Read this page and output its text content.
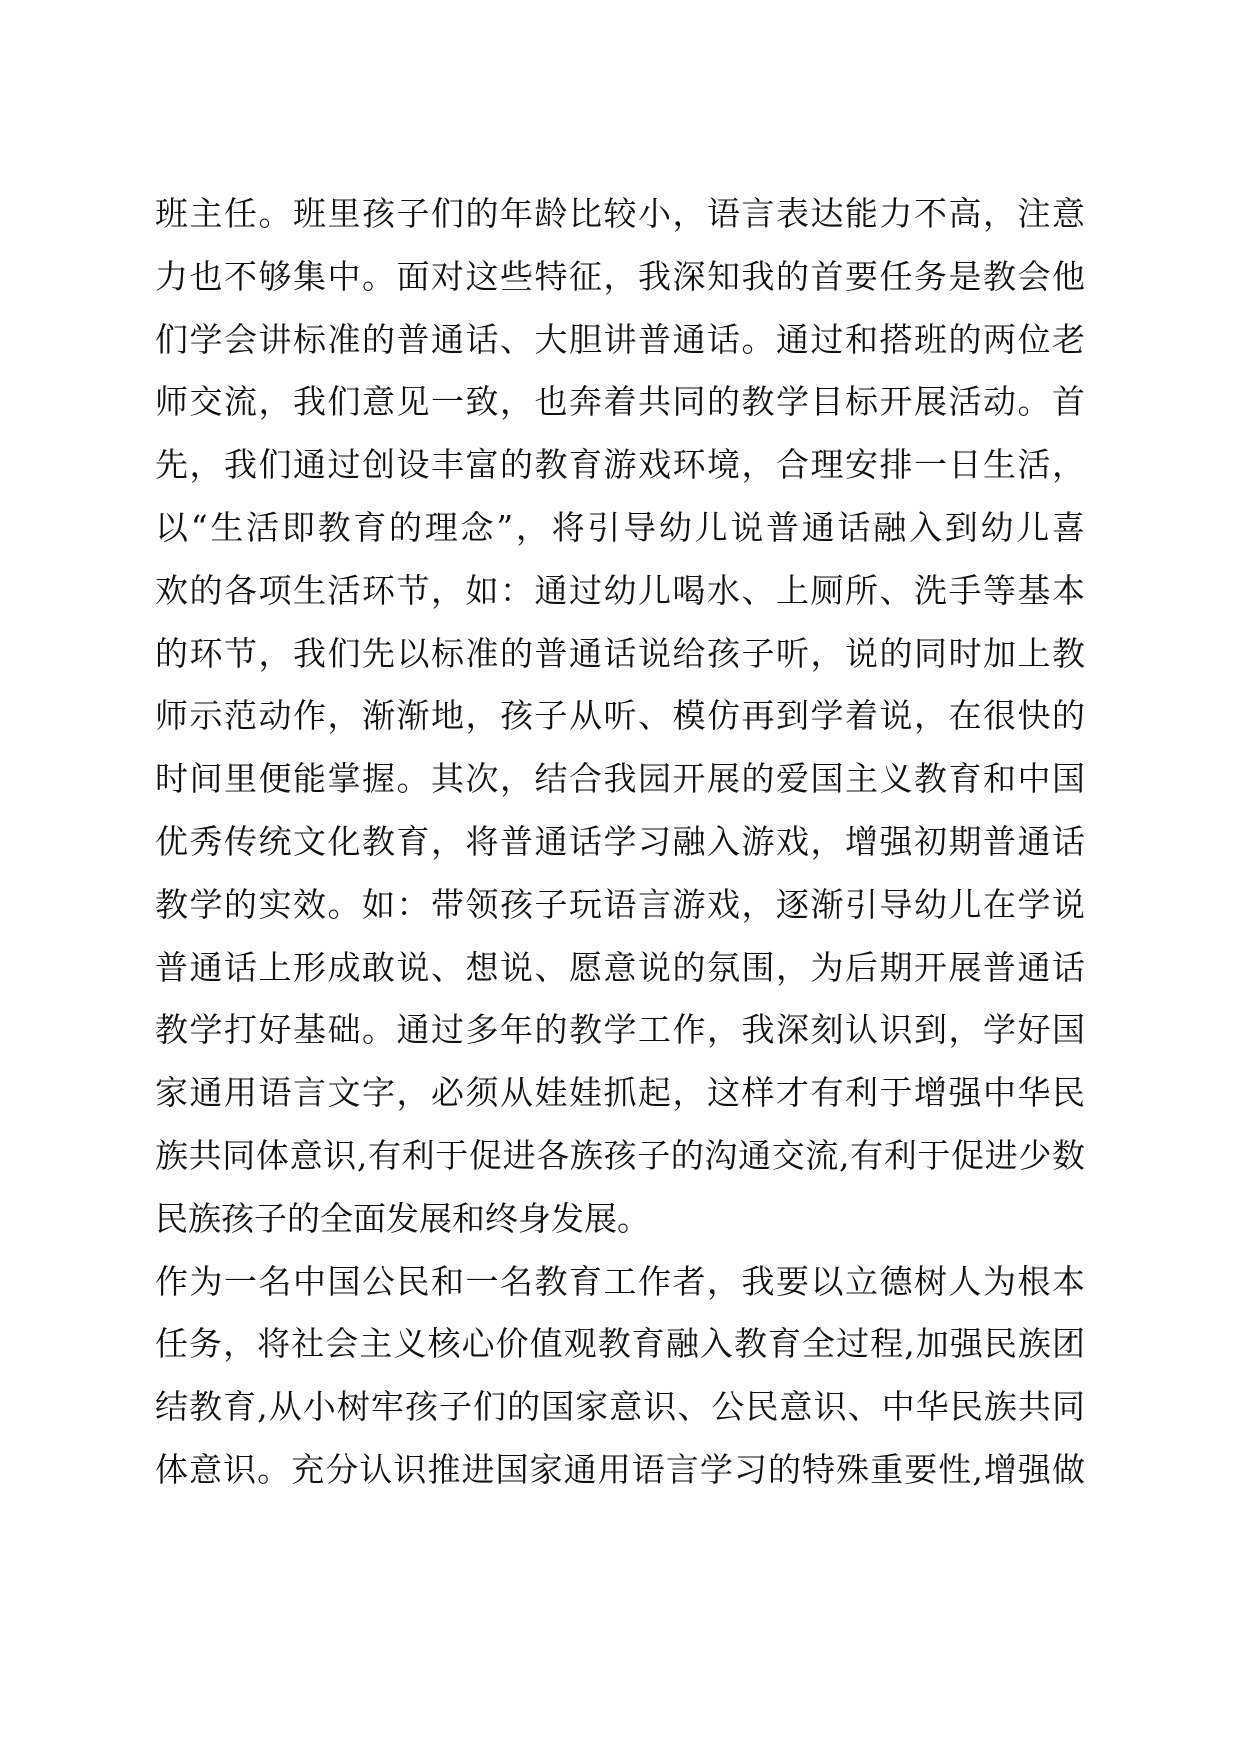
班主任。班里孩子们的年龄比较小，语言表达能力不高，注意
力也不够集中。面对这些特征，我深知我的首要任务是教会他
们学会讲标准的普通话、大胆讲普通话。通过和搭班的两位老
师交流，我们意见一致，也奔着共同的教学目标开展活动。首
先，我们通过创设丰富的教育游戏环境，合理安排一日生活，
以“生活即教育的理念”，将引导幼儿说普通话融入到幼儿喜
欢的各项生活环节，如：通过幼儿喝水、上厕所、洗手等基本
的环节，我们先以标准的普通话说给孩子听，说的同时加上教
师示范动作，渐渐地，孩子从听、模仿再到学着说，在很快的
时间里便能掌握。其次，结合我园开展的爱国主义教育和中国
优秀传统文化教育，将普通话学习融入游戏，增强初期普通话
教学的实效。如：带领孩子玩语言游戏，逐渐引导幼儿在学说
普通话上形成敢说、想说、愿意说的氛围，为后期开展普通话
教学打好基础。通过多年的教学工作，我深刻认识到，学好国
家通用语言文字，必须从娃娃抓起，这样才有利于增强中华民
族共同体意识,有利于促进各族孩子的沟通交流,有利于促进少数
民族孩子的全面发展和终身发展。
作为一名中国公民和一名教育工作者，我要以立德树人为根本
任务，将社会主义核心价值观教育融入教育全过程,加强民族团
结教育,从小树牢孩子们的国家意识、公民意识、中华民族共同
体意识。充分认识推进国家通用语言学习的特殊重要性,增强做
